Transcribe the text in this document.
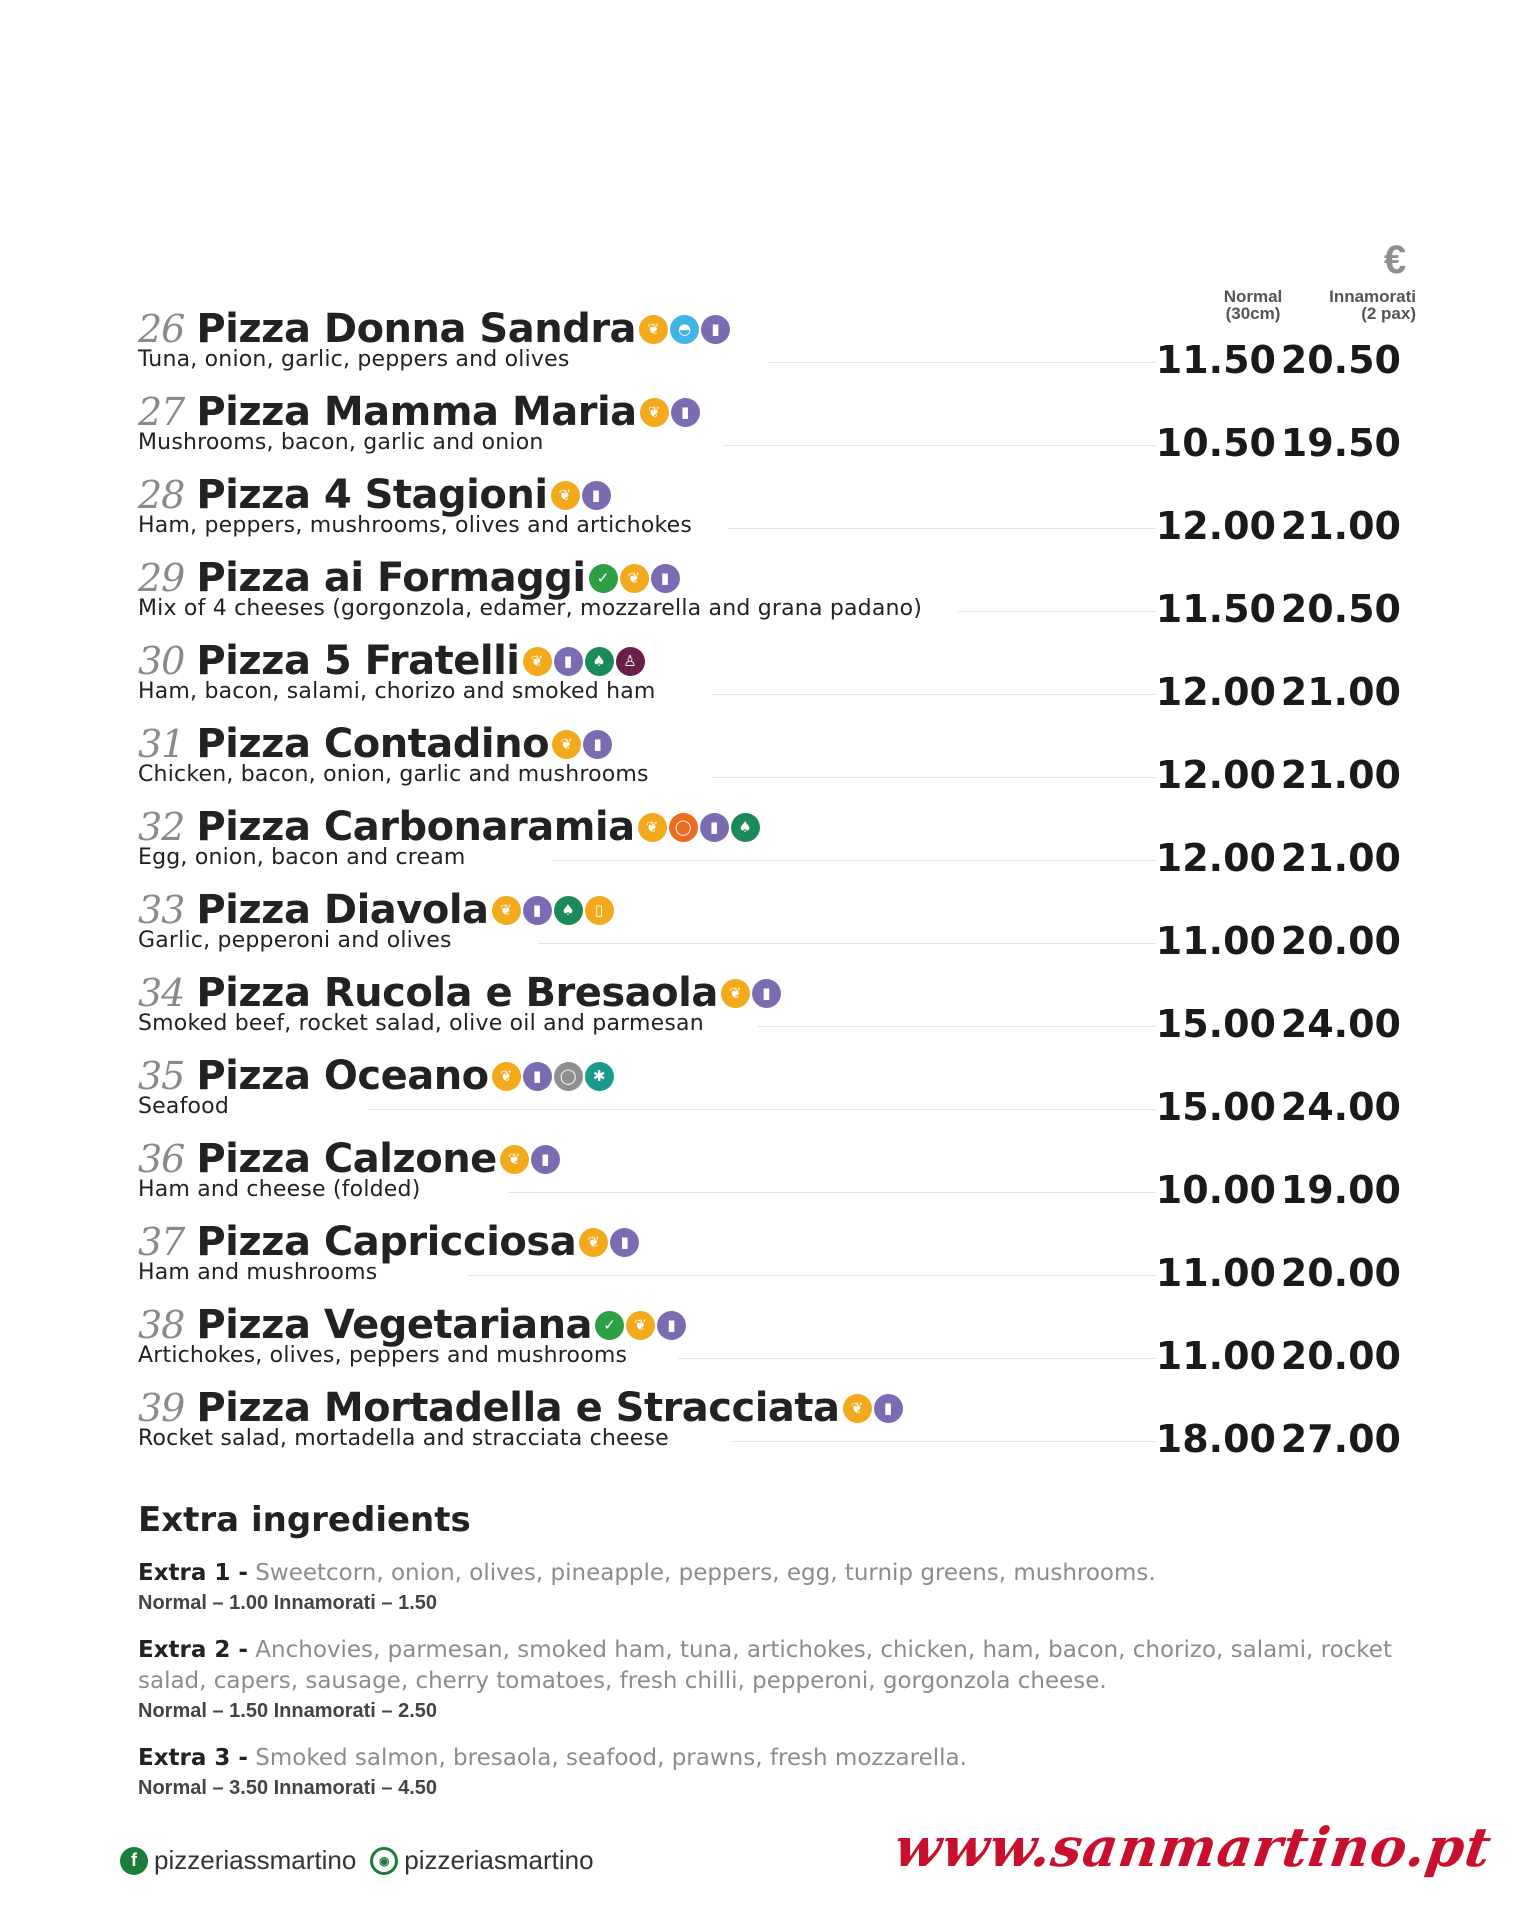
€
Normal
(30cm)
Innamorati
(2 pax)
26 Pizza Donna Sandra ❦	◓	▮
Tuna, onion, garlic, peppers and olives	11.50 20.50
27 Pizza Mamma Maria ❦	▮
Mushrooms, bacon, garlic and onion	10.50 19.50
28 Pizza 4 Stagioni ❦	▮
Ham, peppers, mushrooms, olives and artichokes	12.00 21.00
29 Pizza ai Formaggi ✓	❦	▮
Mix of 4 cheeses (gorgonzola, edamer, mozzarella and grana padano)	11.50 20.50
30 Pizza 5 Fratelli ❦	▮	♠	♙
Ham, bacon, salami, chorizo and smoked ham	12.00 21.00
31 Pizza Contadino ❦	▮
Chicken, bacon, onion, garlic and mushrooms	12.00 21.00
32 Pizza Carbonaramia ❦	◯	▮	♠
Egg, onion, bacon and cream	12.00 21.00
33 Pizza Diavola ❦	▮	♠	▯
Garlic, pepperoni and olives	11.00 20.00
34 Pizza Rucola e Bresaola ❦	▮
Smoked beef, rocket salad, olive oil and parmesan	15.00 24.00
35 Pizza Oceano ❦	▮	◯	✱
Seafood	15.00 24.00
36 Pizza Calzone ❦	▮
Ham and cheese (folded)	10.00 19.00
37 Pizza Capricciosa ❦	▮
Ham and mushrooms	11.00 20.00
38 Pizza Vegetariana ✓	❦	▮
Artichokes, olives, peppers and mushrooms	11.00 20.00
39 Pizza Mortadella e Stracciata ❦	▮
Rocket salad, mortadella and stracciata cheese	18.00 27.00
Extra ingredients
Extra 1 - Sweetcorn, onion, olives, pineapple, peppers, egg, turnip greens, mushrooms.
Normal – 1.00 Innamorati – 1.50
Extra 2 - Anchovies, parmesan, smoked ham, tuna, artichokes, chicken, ham, bacon, chorizo, salami, rocket salad, capers, sausage, cherry tomatoes, fresh chilli, pepperoni, gorgonzola cheese.
Normal – 1.50 Innamorati – 2.50
Extra 3 - Smoked salmon, bresaola, seafood, prawns, fresh mozzarella.
Normal – 3.50 Innamorati – 4.50
f pizzeriassmartino	◉ pizzeriasmartino	www.sanmartino.pt
